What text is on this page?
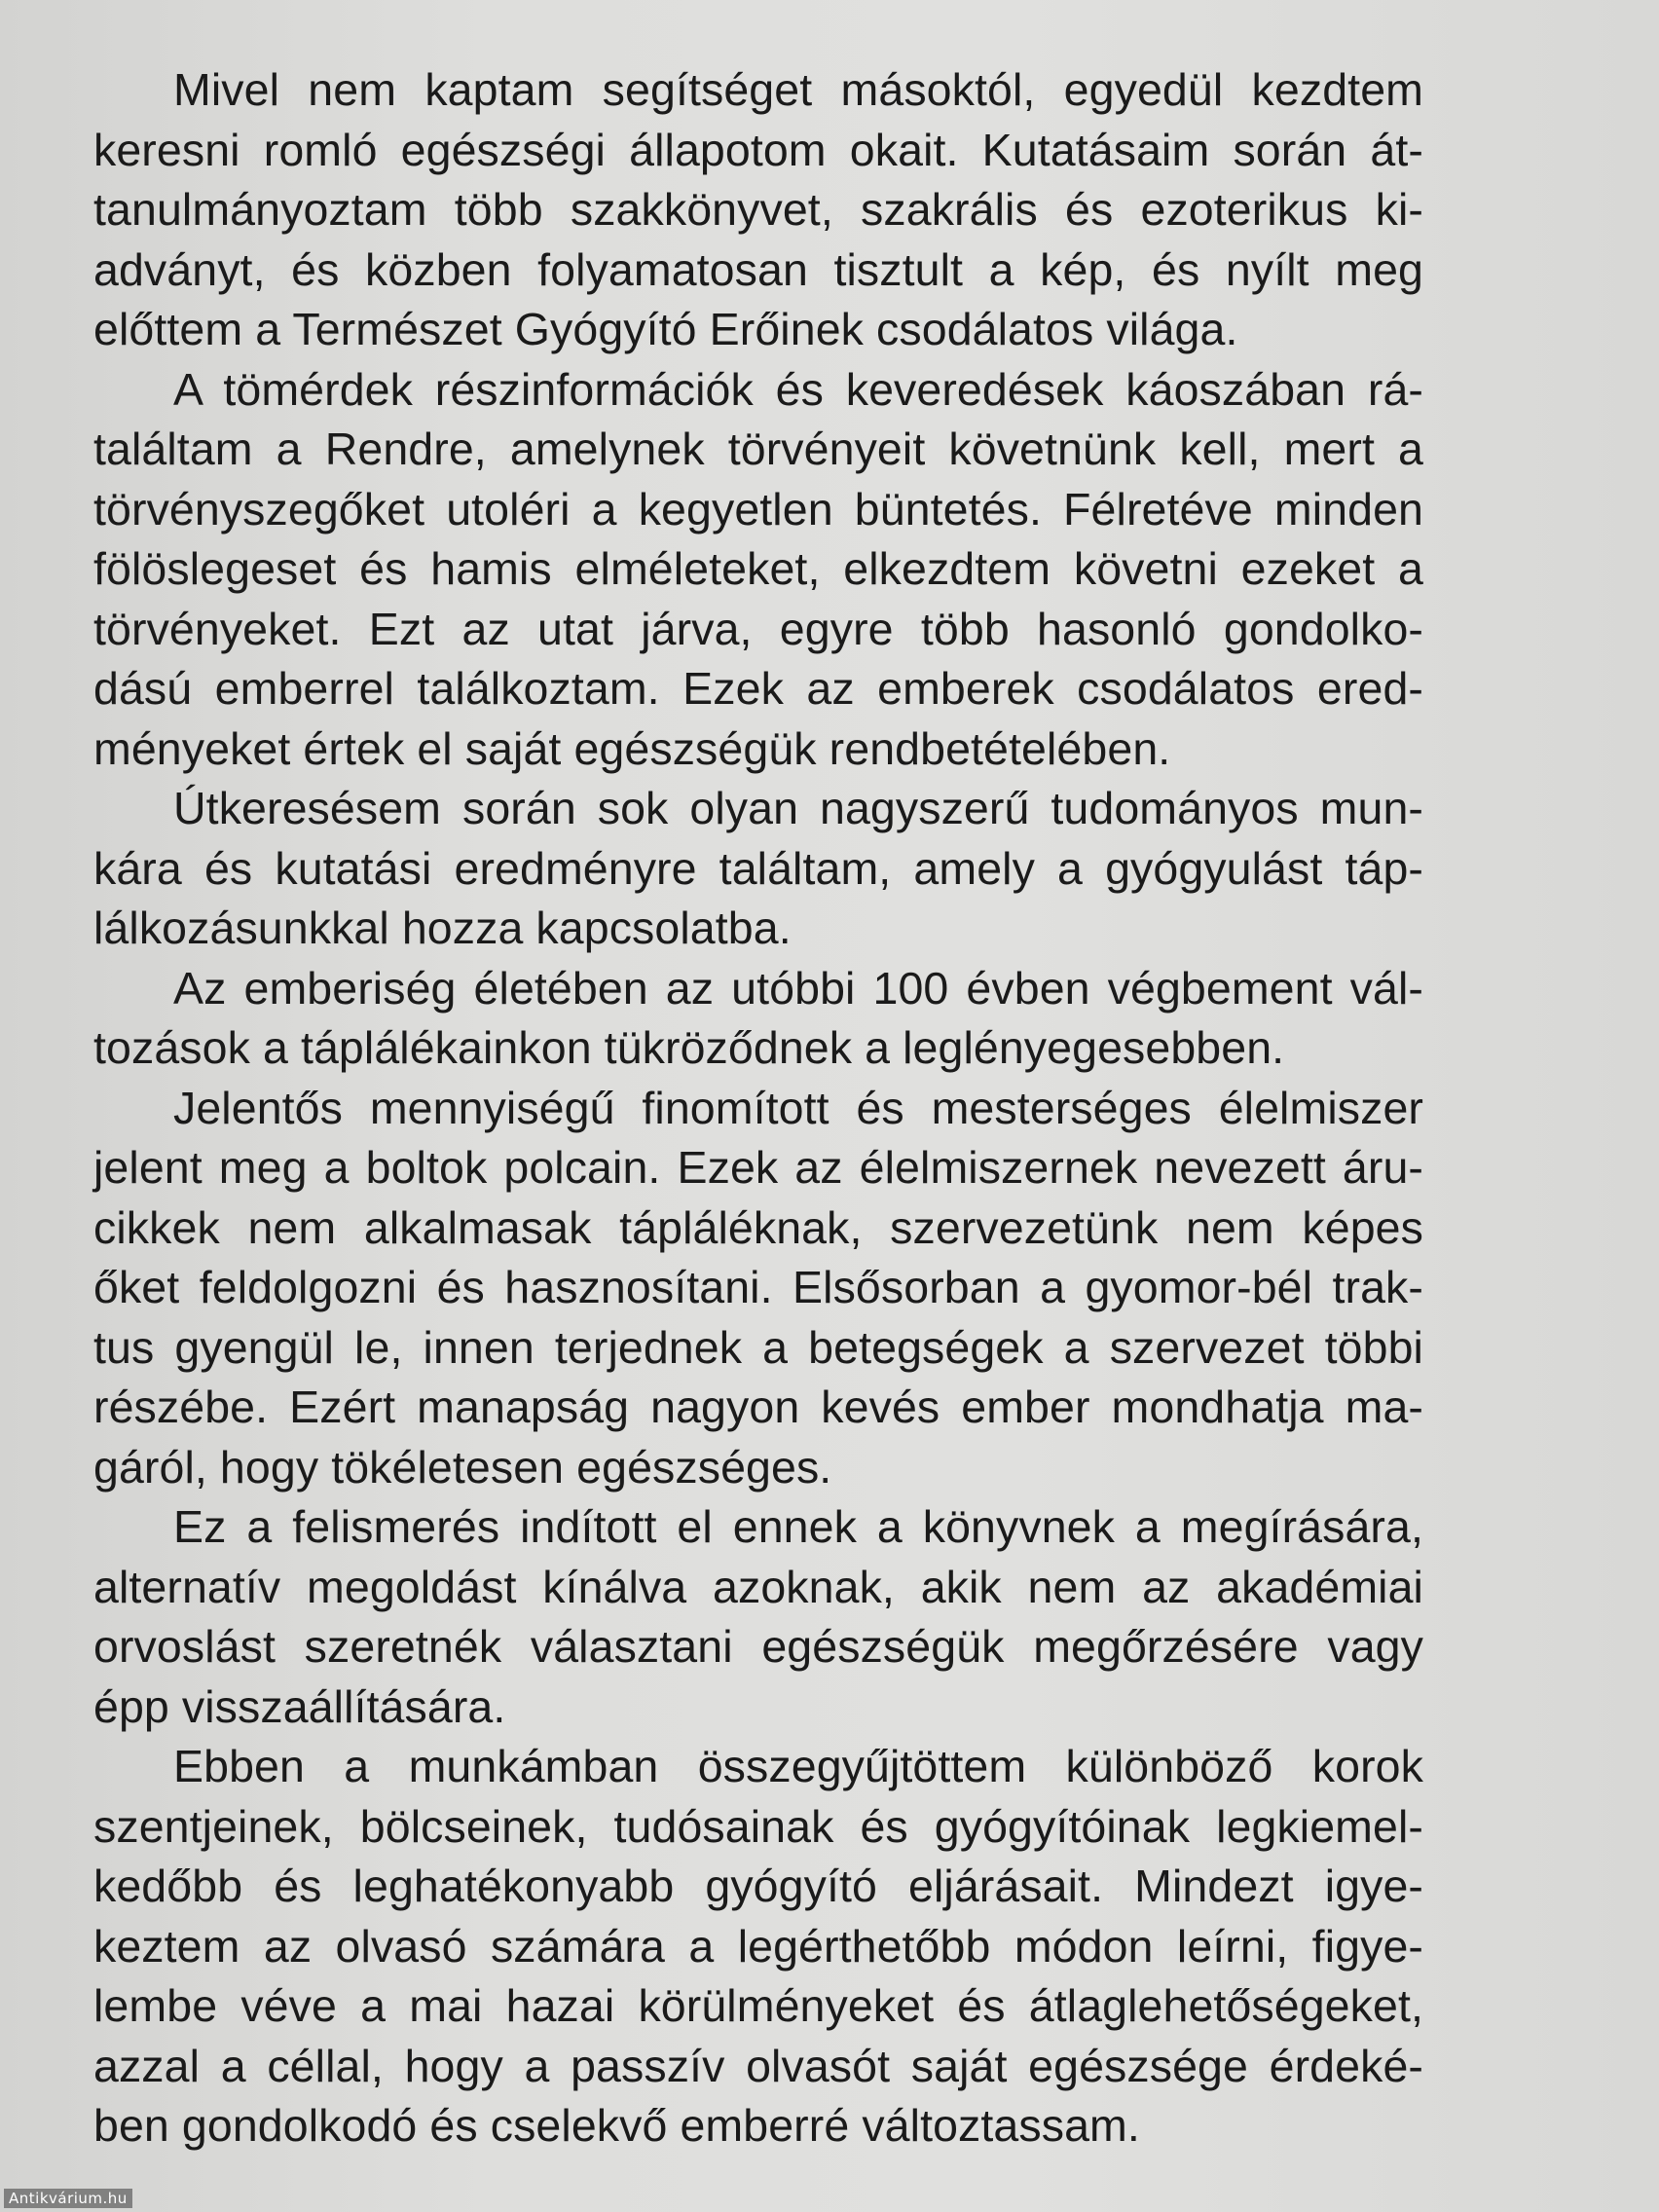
Mivel nem kaptam segítséget másoktól, egyedül kezdtem
keresni romló egészségi állapotom okait. Kutatásaim során át-
tanulmányoztam több szakkönyvet, szakrális és ezoterikus ki-
adványt, és közben folyamatosan tisztult a kép, és nyílt meg
előttem a Természet Gyógyító Erőinek csodálatos világa.
A tömérdek részinformációk és keveredések káoszában rá-
találtam a Rendre, amelynek törvényeit követnünk kell, mert a
törvényszegőket utoléri a kegyetlen büntetés. Félretéve minden
fölöslegeset és hamis elméleteket, elkezdtem követni ezeket a
törvényeket. Ezt az utat járva, egyre több hasonló gondolko-
dású emberrel találkoztam. Ezek az emberek csodálatos ered-
ményeket értek el saját egészségük rendbetételében.
Útkeresésem során sok olyan nagyszerű tudományos mun-
kára és kutatási eredményre találtam, amely a gyógyulást táp-
lálkozásunkkal hozza kapcsolatba.
Az emberiség életében az utóbbi 100 évben végbement vál-
tozások a táplálékainkon tükröződnek a leglényegesebben.
Jelentős mennyiségű finomított és mesterséges élelmiszer
jelent meg a boltok polcain. Ezek az élelmiszernek nevezett áru-
cikkek nem alkalmasak tápláléknak, szervezetünk nem képes
őket feldolgozni és hasznosítani. Elsősorban a gyomor-bél trak-
tus gyengül le, innen terjednek a betegségek a szervezet többi
részébe. Ezért manapság nagyon kevés ember mondhatja ma-
gáról, hogy tökéletesen egészséges.
Ez a felismerés indított el ennek a könyvnek a megírására,
alternatív megoldást kínálva azoknak, akik nem az akadémiai
orvoslást szeretnék választani egészségük megőrzésére vagy
épp visszaállítására.
Ebben a munkámban összegyűjtöttem különböző korok
szentjeinek, bölcseinek, tudósainak és gyógyítóinak legkiemel-
kedőbb és leghatékonyabb gyógyító eljárásait. Mindezt igye-
keztem az olvasó számára a legérthetőbb módon leírni, figye-
lembe véve a mai hazai körülményeket és átlaglehetőségeket,
azzal a céllal, hogy a passzív olvasót saját egészsége érdeké-
ben gondolkodó és cselekvő emberré változtassam.
Antikvárium.hu
